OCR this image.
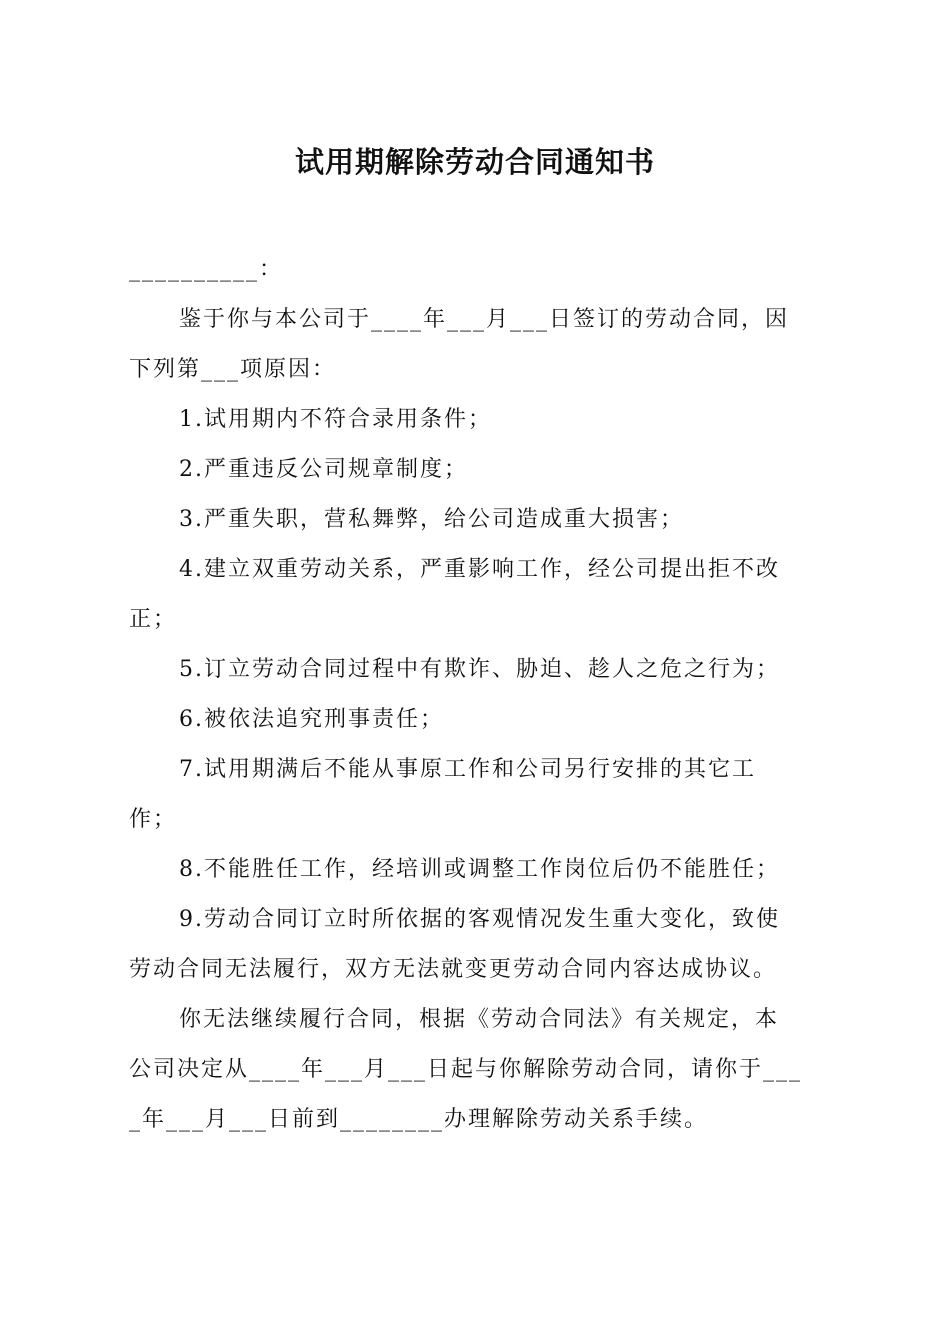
试用期解除劳动合同通知书
__________：
鉴于你与本公司于____年___月___日签订的劳动合同，因
下列第___项原因：
1.试用期内不符合录用条件；
2.严重违反公司规章制度；
3.严重失职，营私舞弊，给公司造成重大损害；
4.建立双重劳动关系，严重影响工作，经公司提出拒不改
正；
5.订立劳动合同过程中有欺诈、胁迫、趁人之危之行为；
6.被依法追究刑事责任；
7.试用期满后不能从事原工作和公司另行安排的其它工
作；
8.不能胜任工作，经培训或调整工作岗位后仍不能胜任；
9.劳动合同订立时所依据的客观情况发生重大变化，致使
劳动合同无法履行，双方无法就变更劳动合同内容达成协议。
你无法继续履行合同，根据《劳动合同法》有关规定，本
公司决定从____年___月___日起与你解除劳动合同，请你于___
_年___月___日前到________办理解除劳动关系手续。
